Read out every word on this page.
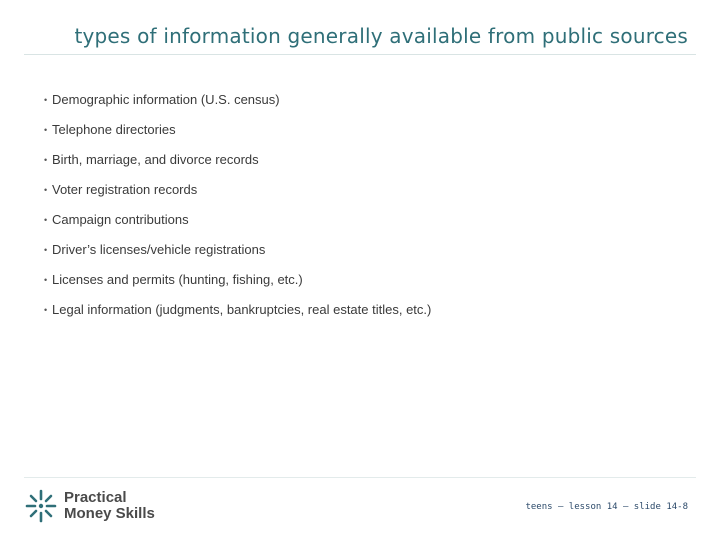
types of information generally available from public sources
• Demographic information (U.S. census)
• Telephone directories
• Birth, marriage, and divorce records
• Voter registration records
• Campaign contributions
• Driver’s licenses/vehicle registrations
• Licenses and permits (hunting, fishing, etc.)
• Legal information (judgments, bankruptcies, real estate titles, etc.)
Practical
Money Skills	teens – lesson 14 – slide 14-8
